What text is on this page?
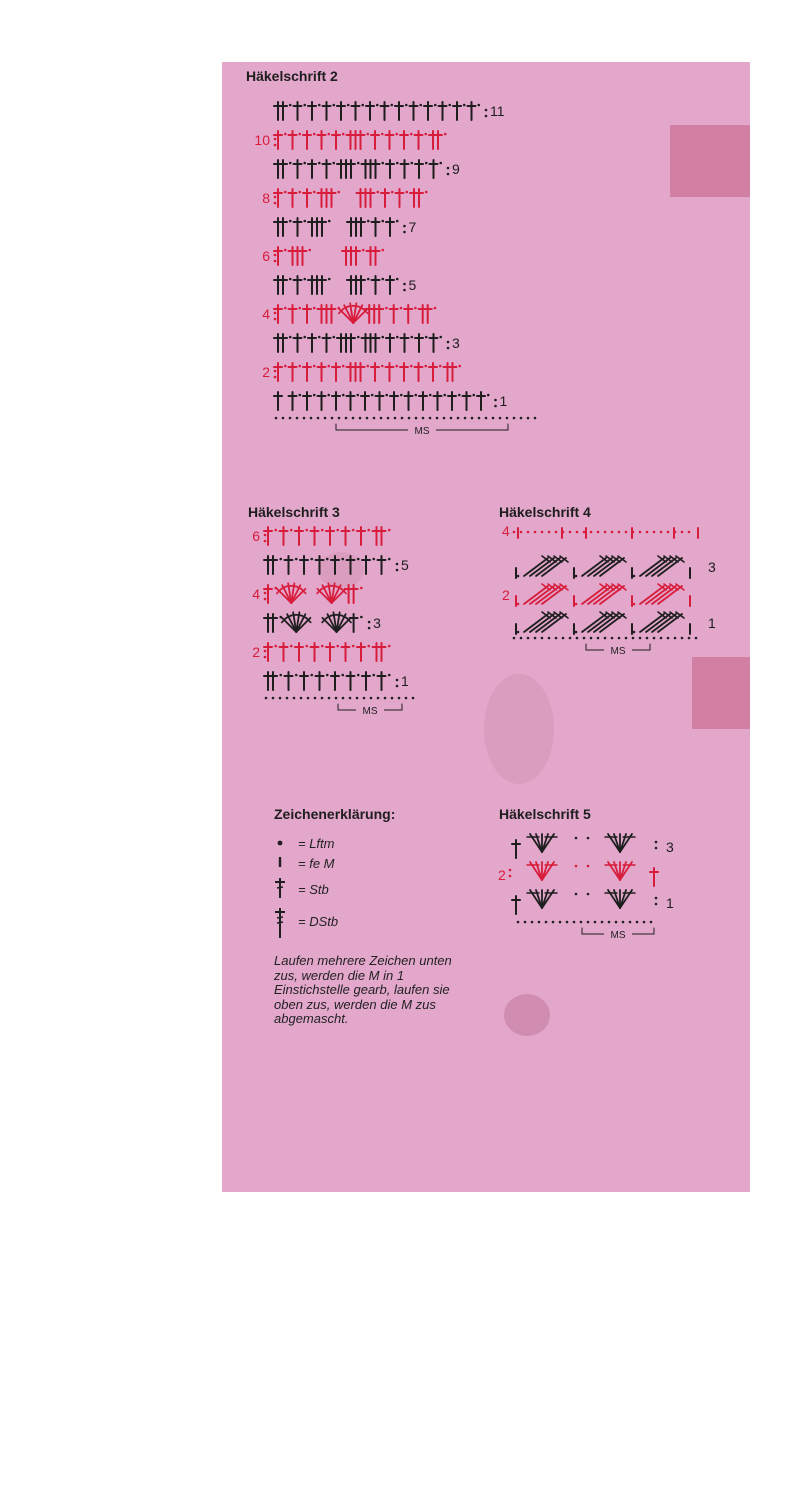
Häkelschrift 2
1
2
3
4
5
6
7
8
9
10
11
MS
Häkelschrift 3
1
2
3
4
5
6
MS
Häkelschrift 4
1
2
3
4
MS
Zeichenerklärung:
= Lftm
= fe M
= Stb
= DStb
Laufen mehrere Zeichen unten zus, werden die M in 1 Einstichstelle gearb, laufen sie oben zus, werden die M zus abgemascht.
Häkelschrift 5
1
2
3
MS
